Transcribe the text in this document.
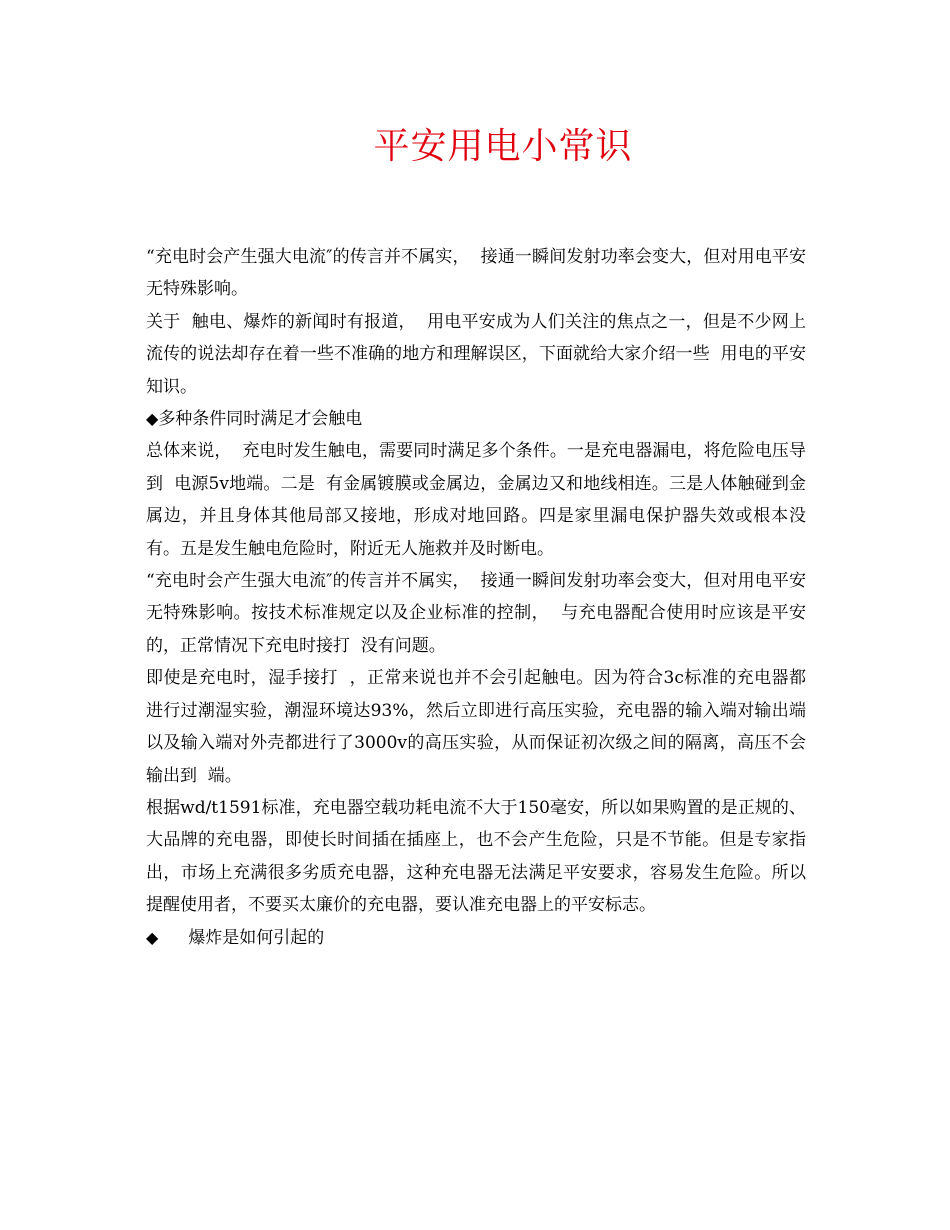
平安用电小常识

“充电时会产生强大电流″的传言并不属实，  接通一瞬间发射功率会变大，但对用电平安无特殊影响。

关于  触电、爆炸的新闻时有报道，  用电平安成为人们关注的焦点之一，但是不少网上流传的说法却存在着一些不准确的地方和理解误区，下面就给大家介绍一些  用电的平安知识。

◆多种条件同时满足才会触电

总体来说，  充电时发生触电，需要同时满足多个条件。一是充电器漏电，将危险电压导到  电源5v地端。二是  有金属镀膜或金属边，金属边又和地线相连。三是人体触碰到金属边，并且身体其他局部又接地，形成对地回路。四是家里漏电保护器失效或根本没有。五是发生触电危险时，附近无人施救并及时断电。

“充电时会产生强大电流″的传言并不属实，  接通一瞬间发射功率会变大，但对用电平安无特殊影响。按技术标准规定以及企业标准的控制，  与充电器配合使用时应该是平安的，正常情况下充电时接打  没有问题。

即使是充电时，湿手接打  ，正常来说也并不会引起触电。因为符合3c标准的充电器都进行过潮湿实验，潮湿环境达93%，然后立即进行高压实验，充电器的输入端对输出端以及输入端对外壳都进行了3000v的高压实验，从而保证初次级之间的隔离，高压不会输出到  端。

根据wd/t1591标准，充电器空载功耗电流不大于150毫安，所以如果购置的是正规的、大品牌的充电器，即使长时间插在插座上，也不会产生危险，只是不节能。但是专家指出，市场上充满很多劣质充电器，这种充电器无法满足平安要求，容易发生危险。所以提醒使用者，不要买太廉价的充电器，要认准充电器上的平安标志。

◆ 爆炸是如何引起的
